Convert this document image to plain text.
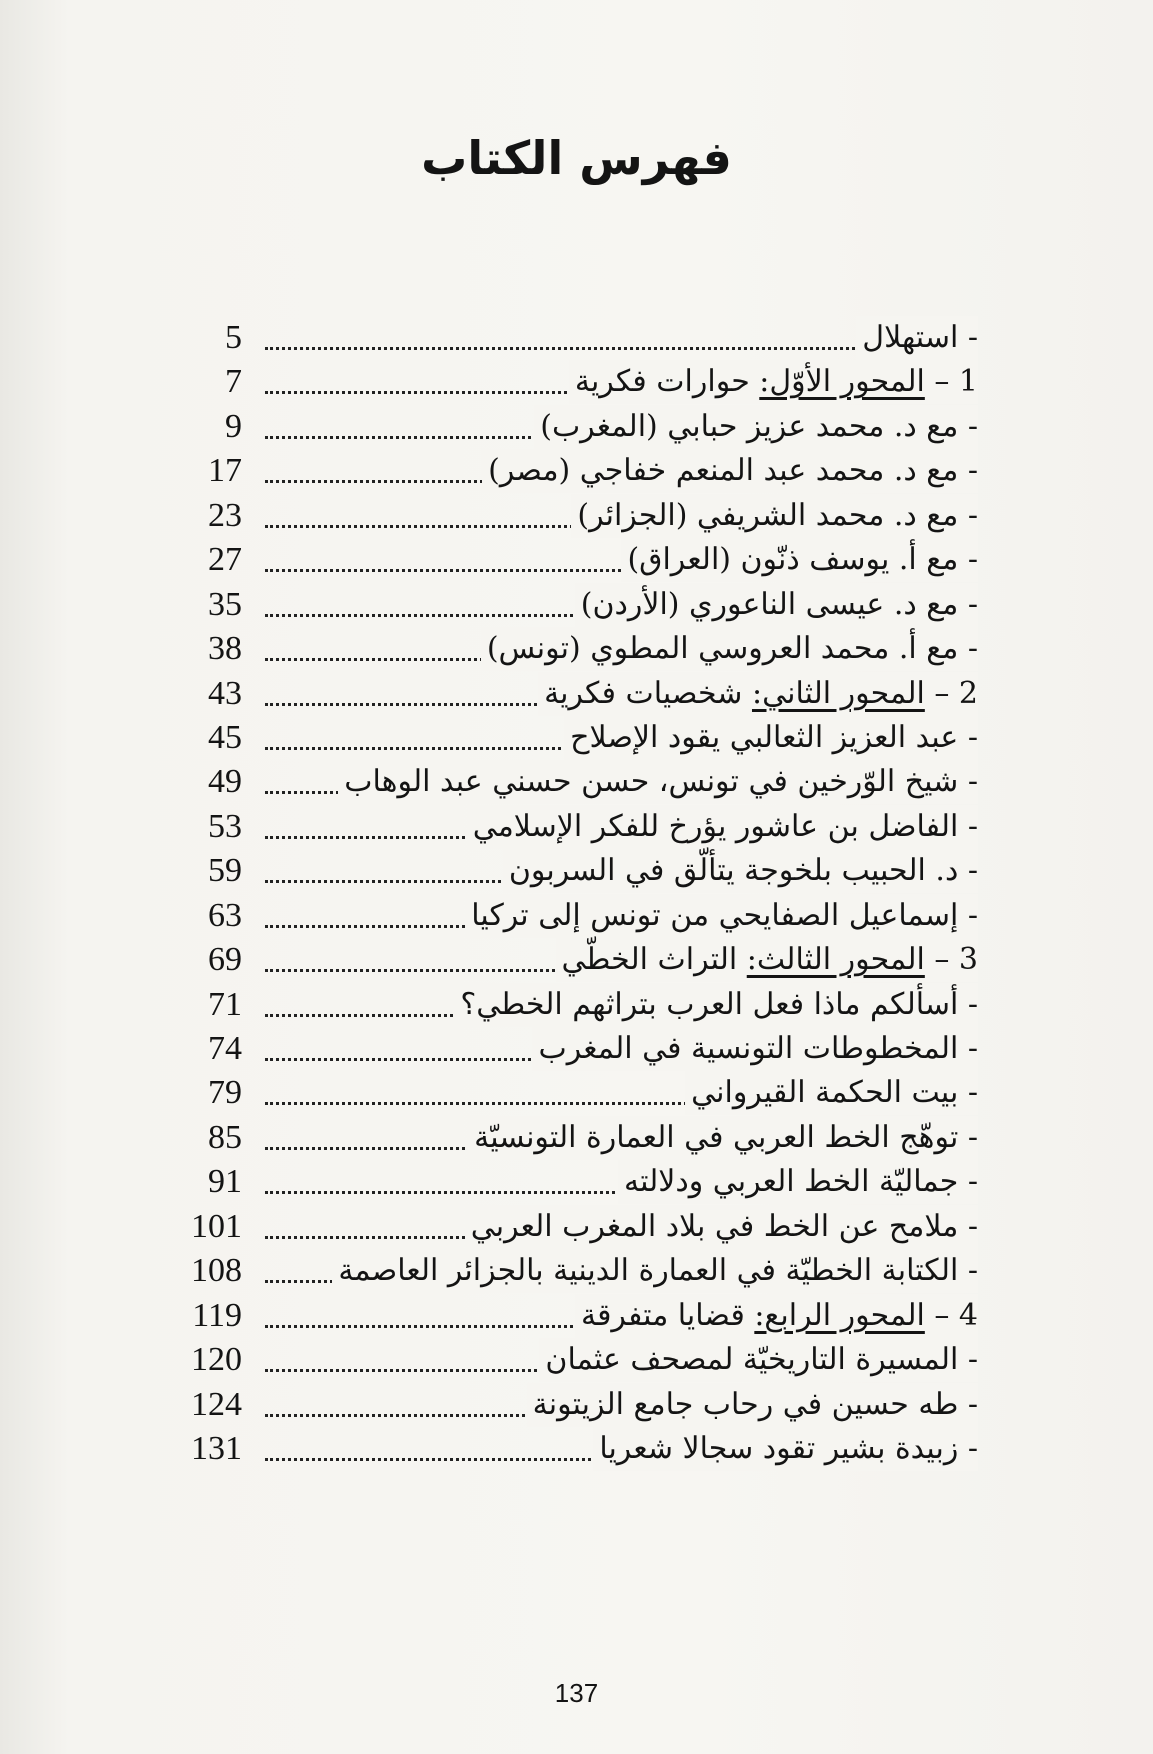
فهرس الكتاب
- استهلال
5
1 – المحور الأوّل: حوارات فكرية
7
- مع د. محمد عزيز حبابي (المغرب)
9
- مع د. محمد عبد المنعم خفاجي (مصر)
17
- مع د. محمد الشريفي (الجزائر)
23
- مع أ. يوسف ذنّون (العراق)
27
- مع د. عيسى الناعوري (الأردن)
35
- مع أ. محمد العروسي المطوي (تونس)
38
2 – المحور الثاني: شخصيات فكرية
43
- عبد العزيز الثعالبي يقود الإصلاح
45
- شيخ الوّرخين في تونس، حسن حسني عبد الوهاب
49
- الفاضل بن عاشور يؤرخ للفكر الإسلامي
53
- د. الحبيب بلخوجة يتألّق في السربون
59
- إسماعيل الصفايحي من تونس إلى تركيا
63
3 – المحور الثالث: التراث الخطّي
69
- أسألكم ماذا فعل العرب بتراثهم الخطي؟
71
- المخطوطات التونسية في المغرب
74
- بيت الحكمة القيرواني
79
- توهّج الخط العربي في العمارة التونسيّة
85
- جماليّة الخط العربي ودلالته
91
- ملامح عن الخط في بلاد المغرب العربي
101
- الكتابة الخطيّة في العمارة الدينية بالجزائر العاصمة
108
4 – المحور الرابع: قضايا متفرقة
119
- المسيرة التاريخيّة لمصحف عثمان
120
- طه حسين في رحاب جامع الزيتونة
124
- زبيدة بشير تقود سجالا شعريا
131
137
